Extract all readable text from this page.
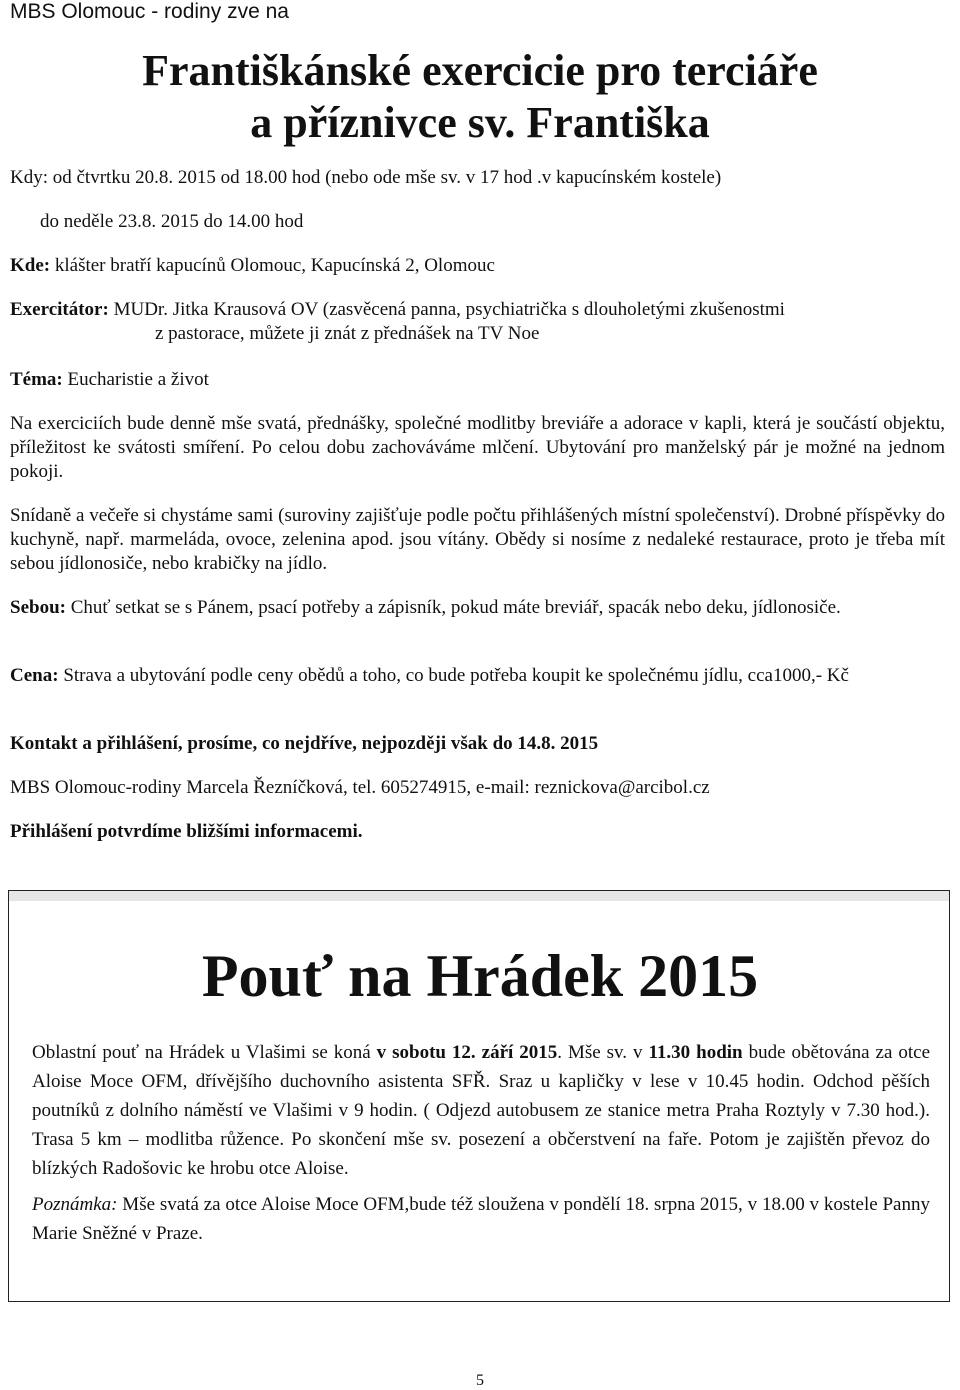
MBS Olomouc - rodiny zve na
Františkánské exercicie pro terciáře
a příznivce sv. Františka
Kdy: od čtvrtku 20.8. 2015 od 18.00 hod (nebo ode mše sv. v 17 hod .v kapucínském kostele)
do neděle 23.8. 2015 do 14.00 hod
Kde: klášter bratří kapucínů Olomouc, Kapucínská 2, Olomouc
Exercitátor: MUDr. Jitka Krausová OV (zasvěcená panna, psychiatrička s dlouholetými zkušenostmi
z pastorace, můžete ji znát z přednášek na TV Noe
Téma: Eucharistie a život
Na exerciciích bude denně mše svatá, přednášky, společné modlitby breviáře a adorace v kapli, která je součástí objektu, příležitost ke svátosti smíření. Po celou dobu zachováváme mlčení. Ubytování pro manželský pár je možné na jednom pokoji.
Snídaně a večeře si chystáme sami (suroviny zajišťuje podle počtu přihlášených místní společenství). Drobné příspěvky do kuchyně, např. marmeláda, ovoce, zelenina apod. jsou vítány. Obědy si nosíme z nedaleké restaurace, proto je třeba mít sebou jídlonosiče, nebo krabičky na jídlo.
Sebou: Chuť setkat se s Pánem, psací potřeby a zápisník, pokud máte breviář, spacák nebo deku, jídlonosiče.
Cena: Strava a ubytování podle ceny obědů a toho, co bude potřeba koupit ke společnému jídlu, cca1000,- Kč
Kontakt a přihlášení, prosíme, co nejdříve, nejpozději však do 14.8. 2015
MBS Olomouc-rodiny Marcela Řezníčková, tel. 605274915, e-mail: reznickova@arcibol.cz
Přihlášení potvrdíme bližšími informacemi.
Pouť na Hrádek 2015
Oblastní pouť na Hrádek u Vlašimi se koná v sobotu 12. září 2015. Mše sv. v 11.30 hodin bude obětována za otce Aloise Moce OFM, dřívějšího duchovního asistenta SFŘ. Sraz u kapličky v lese v 10.45 hodin. Odchod pěších poutníků z dolního náměstí ve Vlašimi v 9 hodin. ( Odjezd autobusem ze stanice metra Praha Roztyly v 7.30 hod.). Trasa 5 km – modlitba růžence. Po skončení mše sv. posezení a občerstvení na faře. Potom je zajištěn převoz do blízkých Radošovic ke hrobu otce Aloise.
Poznámka: Mše svatá za otce Aloise Moce OFM,bude též sloužena v pondělí 18. srpna 2015, v 18.00 v kostele Panny Marie Sněžné v Praze.
5
